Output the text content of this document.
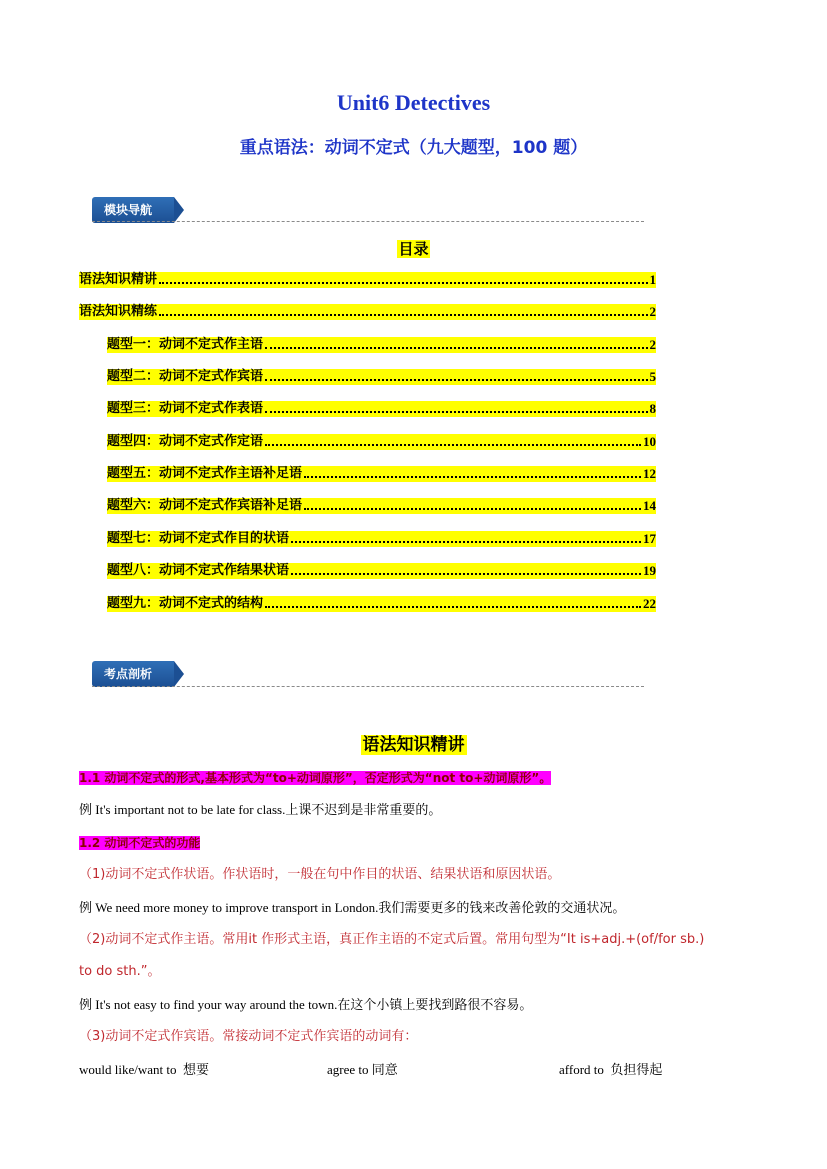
Unit6 Detectives
重点语法：动词不定式（九大题型，100 题）
模块导航
目录
语法知识精讲	1
语法知识精练	2
题型一：动词不定式作主语	2
题型二：动词不定式作宾语	5
题型三：动词不定式作表语	8
题型四：动词不定式作定语	10
题型五：动词不定式作主语补足语	12
题型六：动词不定式作宾语补足语	14
题型七：动词不定式作目的状语	17
题型八：动词不定式作结果状语	19
题型九：动词不定式的结构	22
考点剖析
语法知识精讲
1.1 动词不定式的形式,基本形式为“to+动词原形”，否定形式为“not to+动词原形”。
例 It's important not to be late for class.上课不迟到是非常重要的。
1.2 动词不定式的功能
（1)动词不定式作状语。作状语时，一般在句中作目的状语、结果状语和原因状语。
例 We need more money to improve transport in London.我们需要更多的钱来改善伦敦的交通状况。
（2)动词不定式作主语。常用it 作形式主语，真正作主语的不定式后置。常用句型为“It is+adj.+(of/for sb.)
to do sth.”。
例 It's not easy to find your way around the town.在这个小镇上要找到路很不容易。
（3)动词不定式作宾语。常接动词不定式作宾语的动词有：
would like/want to 想要	agree to 同意	afford to 负担得起
